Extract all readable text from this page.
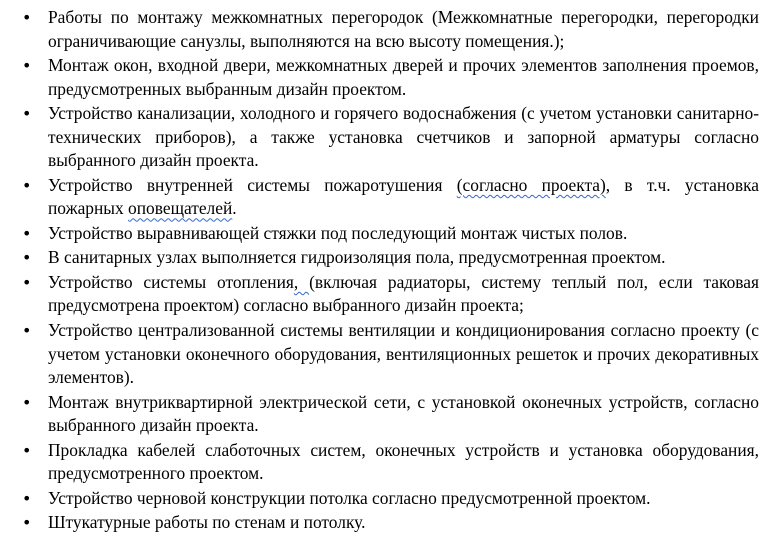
• Работы по монтажу межкомнатных перегородок (Межкомнатные перегородки, перегородки ограничивающие санузлы, выполняются на всю высоту помещения.);
• Монтаж окон, входной двери, межкомнатных дверей и прочих элементов заполнения проемов, предусмотренных выбранным дизайн проектом.
• Устройство канализации, холодного и горячего водоснабжения (с учетом установки санитарно-технических приборов), а также установка счетчиков и запорной арматуры согласно выбранного дизайн проекта.
• Устройство внутренней системы пожаротушения (согласно проекта), в т.ч. установка пожарных оповещателей.
• Устройство выравнивающей стяжки под последующий монтаж чистых полов.
• В санитарных узлах выполняется гидроизоляция пола, предусмотренная проектом.
• Устройство системы отопления, (включая радиаторы, систему теплый пол, если таковая предусмотрена проектом) согласно выбранного дизайн проекта;
• Устройство централизованной системы вентиляции и кондиционирования согласно проекту (с учетом установки оконечного оборудования, вентиляционных решеток и прочих декоративных элементов).
• Монтаж внутриквартирной электрической сети, с установкой оконечных устройств, согласно выбранного дизайн проекта.
• Прокладка кабелей слаботочных систем, оконечных устройств и установка оборудования, предусмотренного проектом.
• Устройство черновой конструкции потолка согласно предусмотренной проектом.
• Штукатурные работы по стенам и потолку.
